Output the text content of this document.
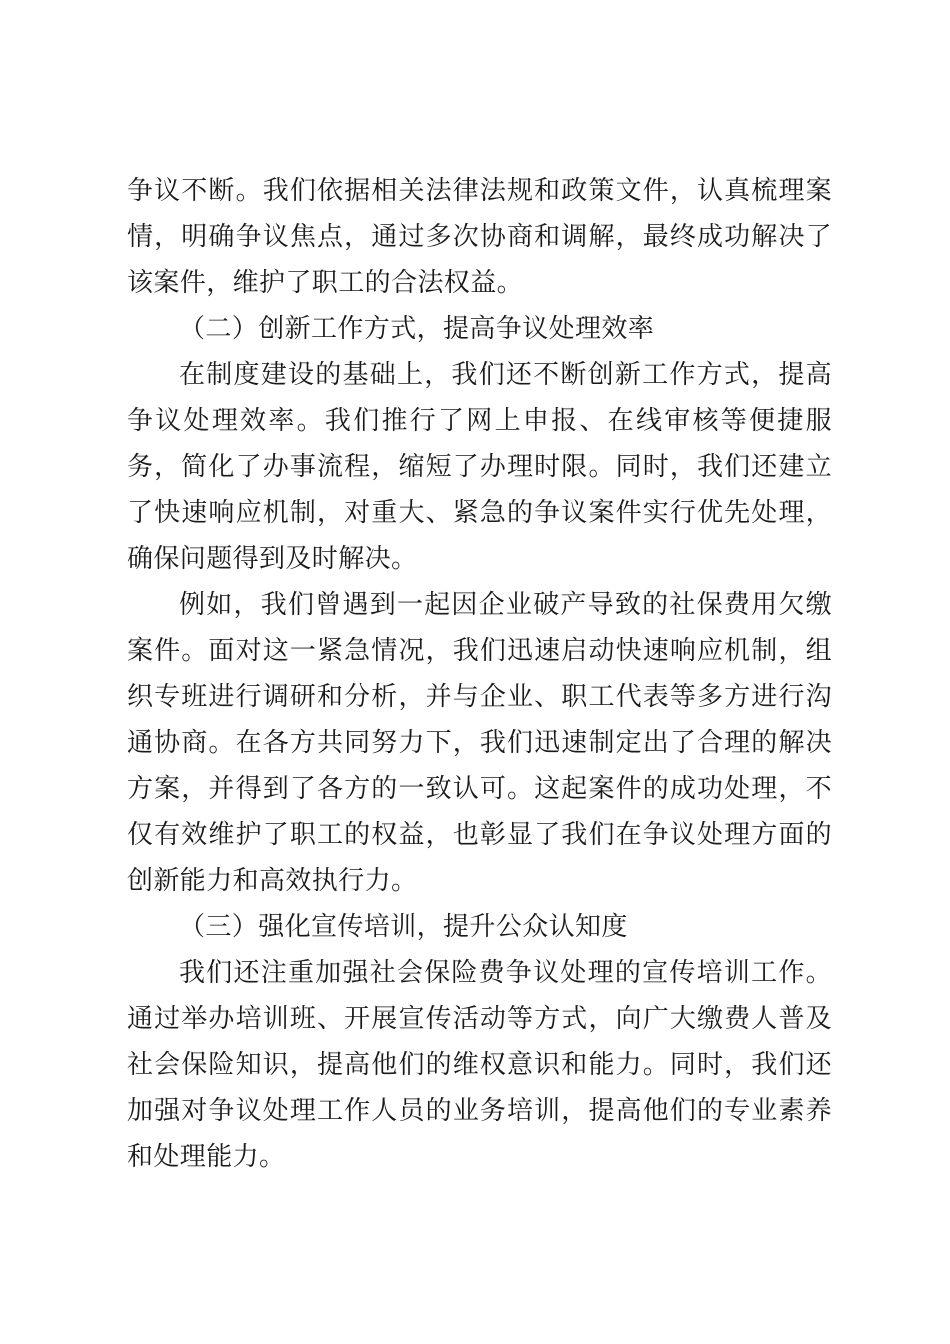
争议不断。我们依据相关法律法规和政策文件，认真梳理案情，明确争议焦点，通过多次协商和调解，最终成功解决了该案件，维护了职工的合法权益。

（二）创新工作方式，提高争议处理效率

在制度建设的基础上，我们还不断创新工作方式，提高争议处理效率。我们推行了网上申报、在线审核等便捷服务，简化了办事流程，缩短了办理时限。同时，我们还建立了快速响应机制，对重大、紧急的争议案件实行优先处理，确保问题得到及时解决。

例如，我们曾遇到一起因企业破产导致的社保费用欠缴案件。面对这一紧急情况，我们迅速启动快速响应机制，组织专班进行调研和分析，并与企业、职工代表等多方进行沟通协商。在各方共同努力下，我们迅速制定出了合理的解决方案，并得到了各方的一致认可。这起案件的成功处理，不仅有效维护了职工的权益，也彰显了我们在争议处理方面的创新能力和高效执行力。

（三）强化宣传培训，提升公众认知度

我们还注重加强社会保险费争议处理的宣传培训工作。通过举办培训班、开展宣传活动等方式，向广大缴费人普及社会保险知识，提高他们的维权意识和能力。同时，我们还加强对争议处理工作人员的业务培训，提高他们的专业素养和处理能力。
